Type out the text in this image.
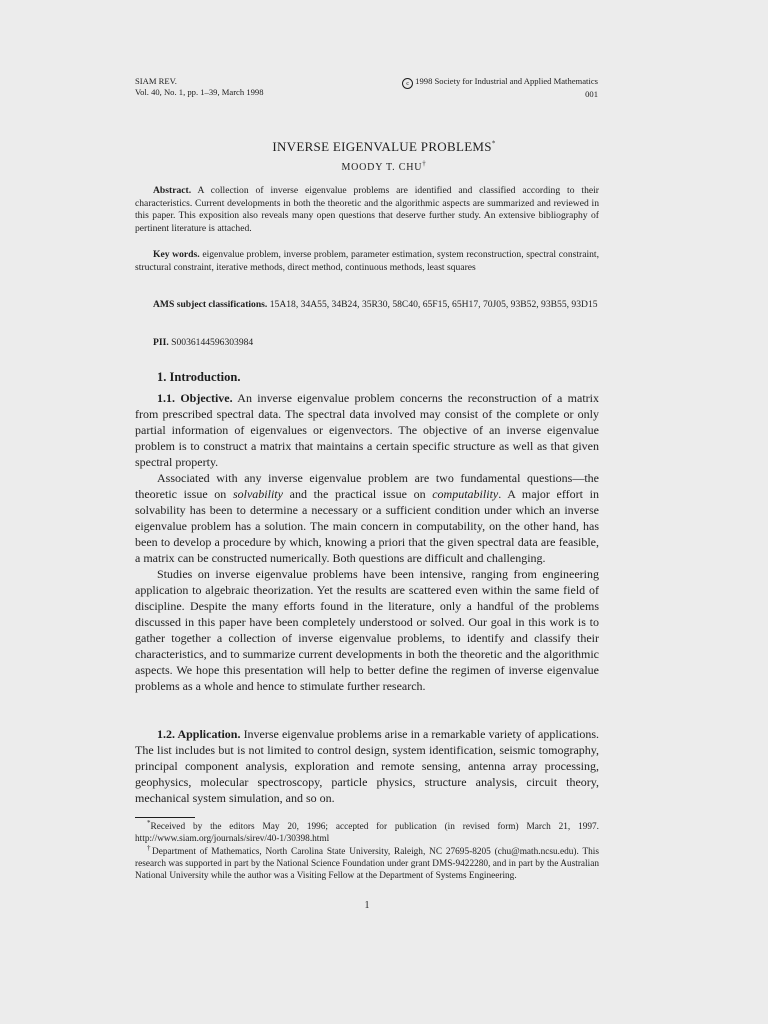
SIAM REV.
Vol. 40, No. 1, pp. 1–39, March 1998
c 1998 Society for Industrial and Applied Mathematics
001
INVERSE EIGENVALUE PROBLEMS*
MOODY T. CHU†
Abstract. A collection of inverse eigenvalue problems are identified and classified according to their characteristics. Current developments in both the theoretic and the algorithmic aspects are summarized and reviewed in this paper. This exposition also reveals many open questions that deserve further study. An extensive bibliography of pertinent literature is attached.
Key words. eigenvalue problem, inverse problem, parameter estimation, system reconstruction, spectral constraint, structural constraint, iterative methods, direct method, continuous methods, least squares
AMS subject classifications. 15A18, 34A55, 34B24, 35R30, 58C40, 65F15, 65H17, 70J05, 93B52, 93B55, 93D15
PII. S0036144596303984
1. Introduction.

1.1. Objective. An inverse eigenvalue problem concerns the reconstruction of a matrix from prescribed spectral data. The spectral data involved may consist of the complete or only partial information of eigenvalues or eigenvectors. The objective of an inverse eigenvalue problem is to construct a matrix that maintains a certain specific structure as well as that given spectral property.

Associated with any inverse eigenvalue problem are two fundamental questions—the theoretic issue on solvability and the practical issue on computability. A major effort in solvability has been to determine a necessary or a sufficient condition under which an inverse eigenvalue problem has a solution. The main concern in computability, on the other hand, has been to develop a procedure by which, knowing a priori that the given spectral data are feasible, a matrix can be constructed numerically. Both questions are difficult and challenging.

Studies on inverse eigenvalue problems have been intensive, ranging from engineering application to algebraic theorization. Yet the results are scattered even within the same field of discipline. Despite the many efforts found in the literature, only a handful of the problems discussed in this paper have been completely understood or solved. Our goal in this work is to gather together a collection of inverse eigenvalue problems, to identify and classify their characteristics, and to summarize current developments in both the theoretic and the algorithmic aspects. We hope this presentation will help to better define the regimen of inverse eigenvalue problems as a whole and hence to stimulate further research.

1.2. Application. Inverse eigenvalue problems arise in a remarkable variety of applications. The list includes but is not limited to control design, system identification, seismic tomography, principal component analysis, exploration and remote sensing, antenna array processing, geophysics, molecular spectroscopy, particle physics, structure analysis, circuit theory, mechanical system simulation, and so on.

*Received by the editors May 20, 1996; accepted for publication (in revised form) March 21, 1997. http://www.siam.org/journals/sirev/40-1/30398.html

†Department of Mathematics, North Carolina State University, Raleigh, NC 27695-8205 (chu@math.ncsu.edu). This research was supported in part by the National Science Foundation under grant DMS-9422280, and in part by the Australian National University while the author was a Visiting Fellow at the Department of Systems Engineering.

1
